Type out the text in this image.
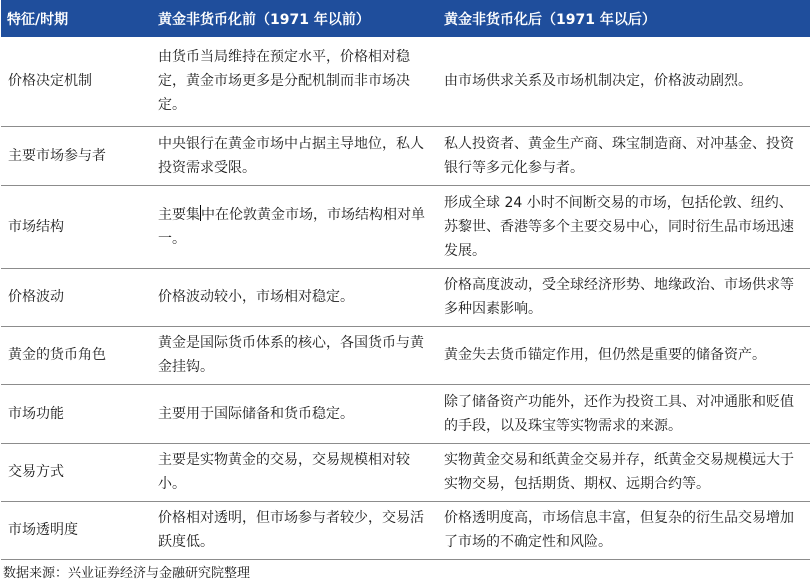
特征/时期	黄金非货币化前（1971 年以前）	黄金非货币化后（1971 年以后）
价格决定机制	由货币当局维持在预定水平，价格相对稳定，黄金市场更多是分配机制而非市场决定。	由市场供求关系及市场机制决定，价格波动剧烈。
主要市场参与者	中央银行在黄金市场中占据主导地位，私人投资需求受限。	私人投资者、黄金生产商、珠宝制造商、对冲基金、投资银行等多元化参与者。
市场结构	主要集中在伦敦黄金市场，市场结构相对单一。	形成全球 24 小时不间断交易的市场，包括伦敦、纽约、苏黎世、香港等多个主要交易中心，同时衍生品市场迅速发展。
价格波动	价格波动较小，市场相对稳定。	价格高度波动，受全球经济形势、地缘政治、市场供求等多种因素影响。
黄金的货币角色	黄金是国际货币体系的核心，各国货币与黄金挂钩。	黄金失去货币锚定作用，但仍然是重要的储备资产。
市场功能	主要用于国际储备和货币稳定。	除了储备资产功能外，还作为投资工具、对冲通胀和贬值的手段，以及珠宝等实物需求的来源。
交易方式	主要是实物黄金的交易，交易规模相对较小。	实物黄金交易和纸黄金交易并存，纸黄金交易规模远大于实物交易，包括期货、期权、远期合约等。
市场透明度	价格相对透明，但市场参与者较少，交易活跃度低。	价格透明度高，市场信息丰富，但复杂的衍生品交易增加了市场的不确定性和风险。
数据来源：兴业证券经济与金融研究院整理
